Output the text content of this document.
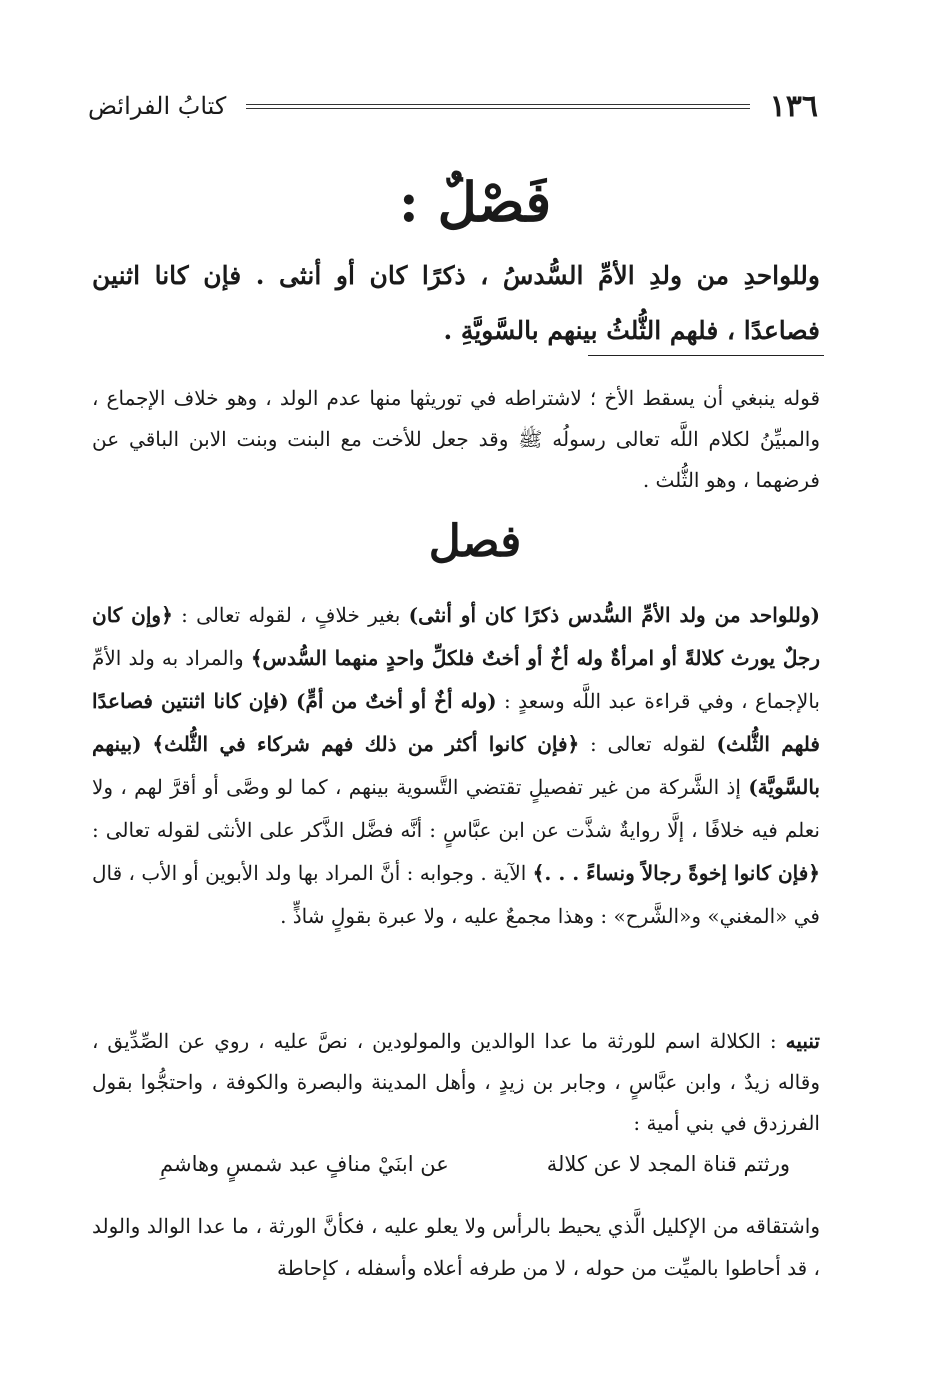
١٣٦
كتابُ الفرائض
فَصْلٌ :

وللواحدِ من ولدِ الأمِّ السُّدسُ ، ذكرًا كان أو أنثى . فإن كانا اثنين فصاعدًا ، فلهم الثُّلثُ بينهم بالسَّويَّةِ .

قوله ينبغي أن يسقط الأخ ؛ لاشتراطه في توريثها منها عدم الولد ، وهو خلاف الإجماع ، والمبيِّنُ لكلام اللَّه تعالى رسولُه ﷺ وقد جعل للأخت مع البنت وبنت الابن الباقي عن فرضهما ، وهو الثُّلث .

فصل

(وللواحد من ولد الأمِّ السُّدس ذكرًا كان أو أنثى) بغير خلافٍ ، لقوله تعالى : ﴿وإن كان رجلٌ يورث كلالةً أو امرأةٌ وله أخٌ أو أختٌ فلكلِّ واحدٍ منهما السُّدس﴾ والمراد به ولد الأمِّ بالإجماع ، وفي قراءة عبد اللَّه وسعدٍ : (وله أخٌ أو أختٌ من أمٍّ) (فإن كانا اثنتين فصاعدًا فلهم الثُّلث) لقوله تعالى : ﴿فإن كانوا أكثر من ذلك فهم شركاء في الثُّلث﴾ (بينهم بالسَّويَّة) إذ الشَّركة من غير تفصيلٍ تقتضي التَّسوية بينهم ، كما لو وصَّى أو أقرَّ لهم ، ولا نعلم فيه خلافًا ، إلَّا روايةٌ شذَّت عن ابن عبَّاسٍ : أنَّه فضَّل الذَّكر على الأنثى لقوله تعالى : ﴿فإن كانوا إخوةً رجالاً ونساءً . . .﴾ الآية . وجوابه : أنَّ المراد بها ولد الأبوين أو الأب ، قال في «المغني» و«الشَّرح» : وهذا مجمعٌ عليه ، ولا عبرة بقولٍ شاذٍّ .

تنبيه : الكلالة اسم للورثة ما عدا الوالدين والمولودين ، نصَّ عليه ، روي عن الصِّدِّيق ، وقاله زيدٌ ، وابن عبَّاسٍ ، وجابر بن زيدٍ ، وأهل المدينة والبصرة والكوفة ، واحتجُّوا بقول الفرزدق في بني أمية :

ورثتم قناة المجد لا عن كلالة
عن ابنَيْ منافٍ عبد شمسٍ وهاشمِ

واشتقاقه من الإكليل الَّذي يحيط بالرأس ولا يعلو عليه ، فكأنَّ الورثة ، ما عدا الوالد والولد ، قد أحاطوا بالميِّت من حوله ، لا من طرفه أعلاه وأسفله ، كإحاطة
